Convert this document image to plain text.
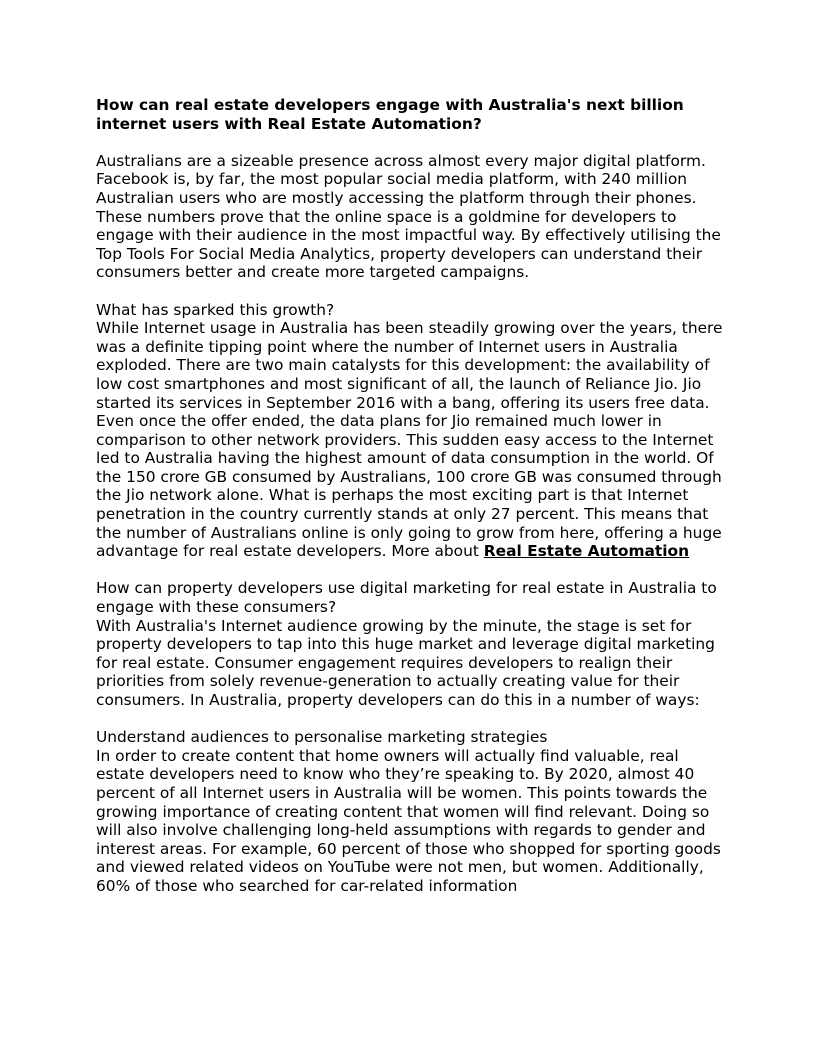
How can real estate developers engage with Australia's next billion internet users with Real Estate Automation?

Australians are a sizeable presence across almost every major digital platform. Facebook is, by far, the most popular social media platform, with 240 million Australian users who are mostly accessing the platform through their phones. These numbers prove that the online space is a goldmine for developers to engage with their audience in the most impactful way. By effectively utilising the Top Tools For Social Media Analytics, property developers can understand their consumers better and create more targeted campaigns.

What has sparked this growth?

While Internet usage in Australia has been steadily growing over the years, there was a definite tipping point where the number of Internet users in Australia exploded. There are two main catalysts for this development: the availability of low cost smartphones and most significant of all, the launch of Reliance Jio. Jio started its services in September 2016 with a bang, offering its users free data. Even once the offer ended, the data plans for Jio remained much lower in comparison to other network providers. This sudden easy access to the Internet led to Australia having the highest amount of data consumption in the world. Of the 150 crore GB consumed by Australians, 100 crore GB was consumed through the Jio network alone. What is perhaps the most exciting part is that Internet penetration in the country currently stands at only 27 percent. This means that the number of Australians online is only going to grow from here, offering a huge advantage for real estate developers. More about Real Estate Automation

How can property developers use digital marketing for real estate in Australia to engage with these consumers?

With Australia's Internet audience growing by the minute, the stage is set for property developers to tap into this huge market and leverage digital marketing for real estate. Consumer engagement requires developers to realign their priorities from solely revenue-generation to actually creating value for their consumers. In Australia, property developers can do this in a number of ways:

Understand audiences to personalise marketing strategies

In order to create content that home owners will actually find valuable, real estate developers need to know who they’re speaking to. By 2020, almost 40 percent of all Internet users in Australia will be women. This points towards the growing importance of creating content that women will find relevant. Doing so will also involve challenging long-held assumptions with regards to gender and interest areas. For example, 60 percent of those who shopped for sporting goods and viewed related videos on YouTube were not men, but women. Additionally, 60% of those who searched for car-related information
